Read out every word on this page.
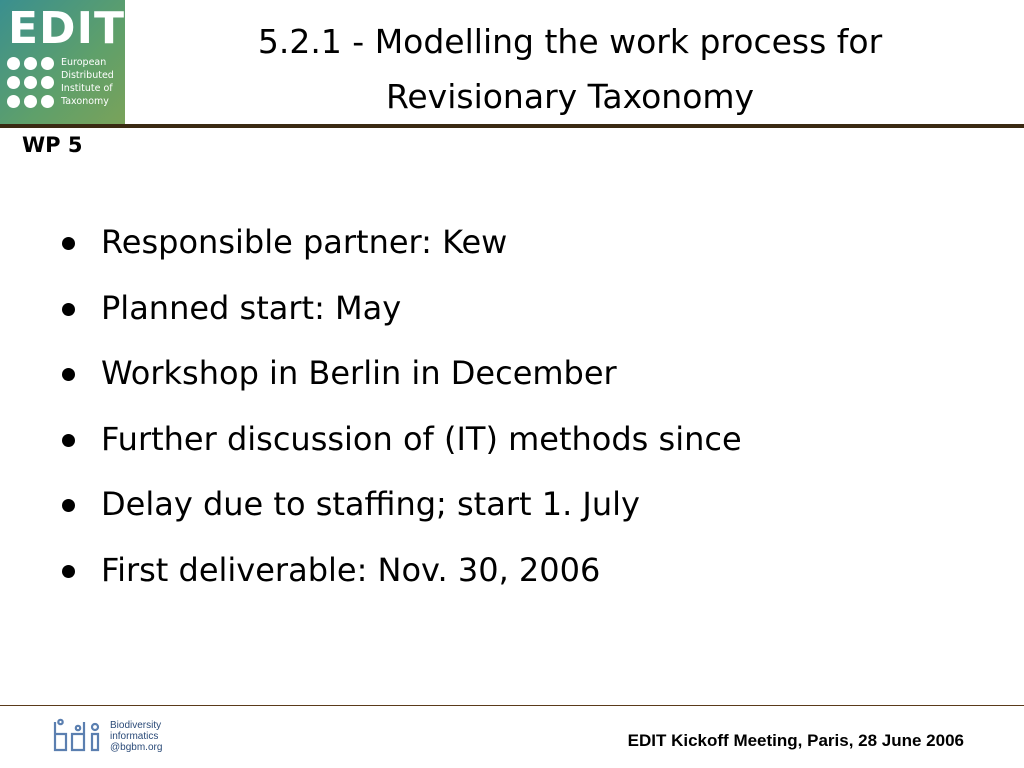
EDIT
European
Distributed
Institute of
Taxonomy
5.2.1 - Modelling the work process for
Revisionary Taxonomy
WP 5
Responsible partner: Kew
Planned start: May
Workshop in Berlin in December
Further discussion of (IT) methods since
Delay due to staffing; start 1. July
First deliverable: Nov. 30, 2006
bdi
Biodiversity
informatics
@bgbm.org	EDIT Kickoff Meeting, Paris, 28 June 2006
